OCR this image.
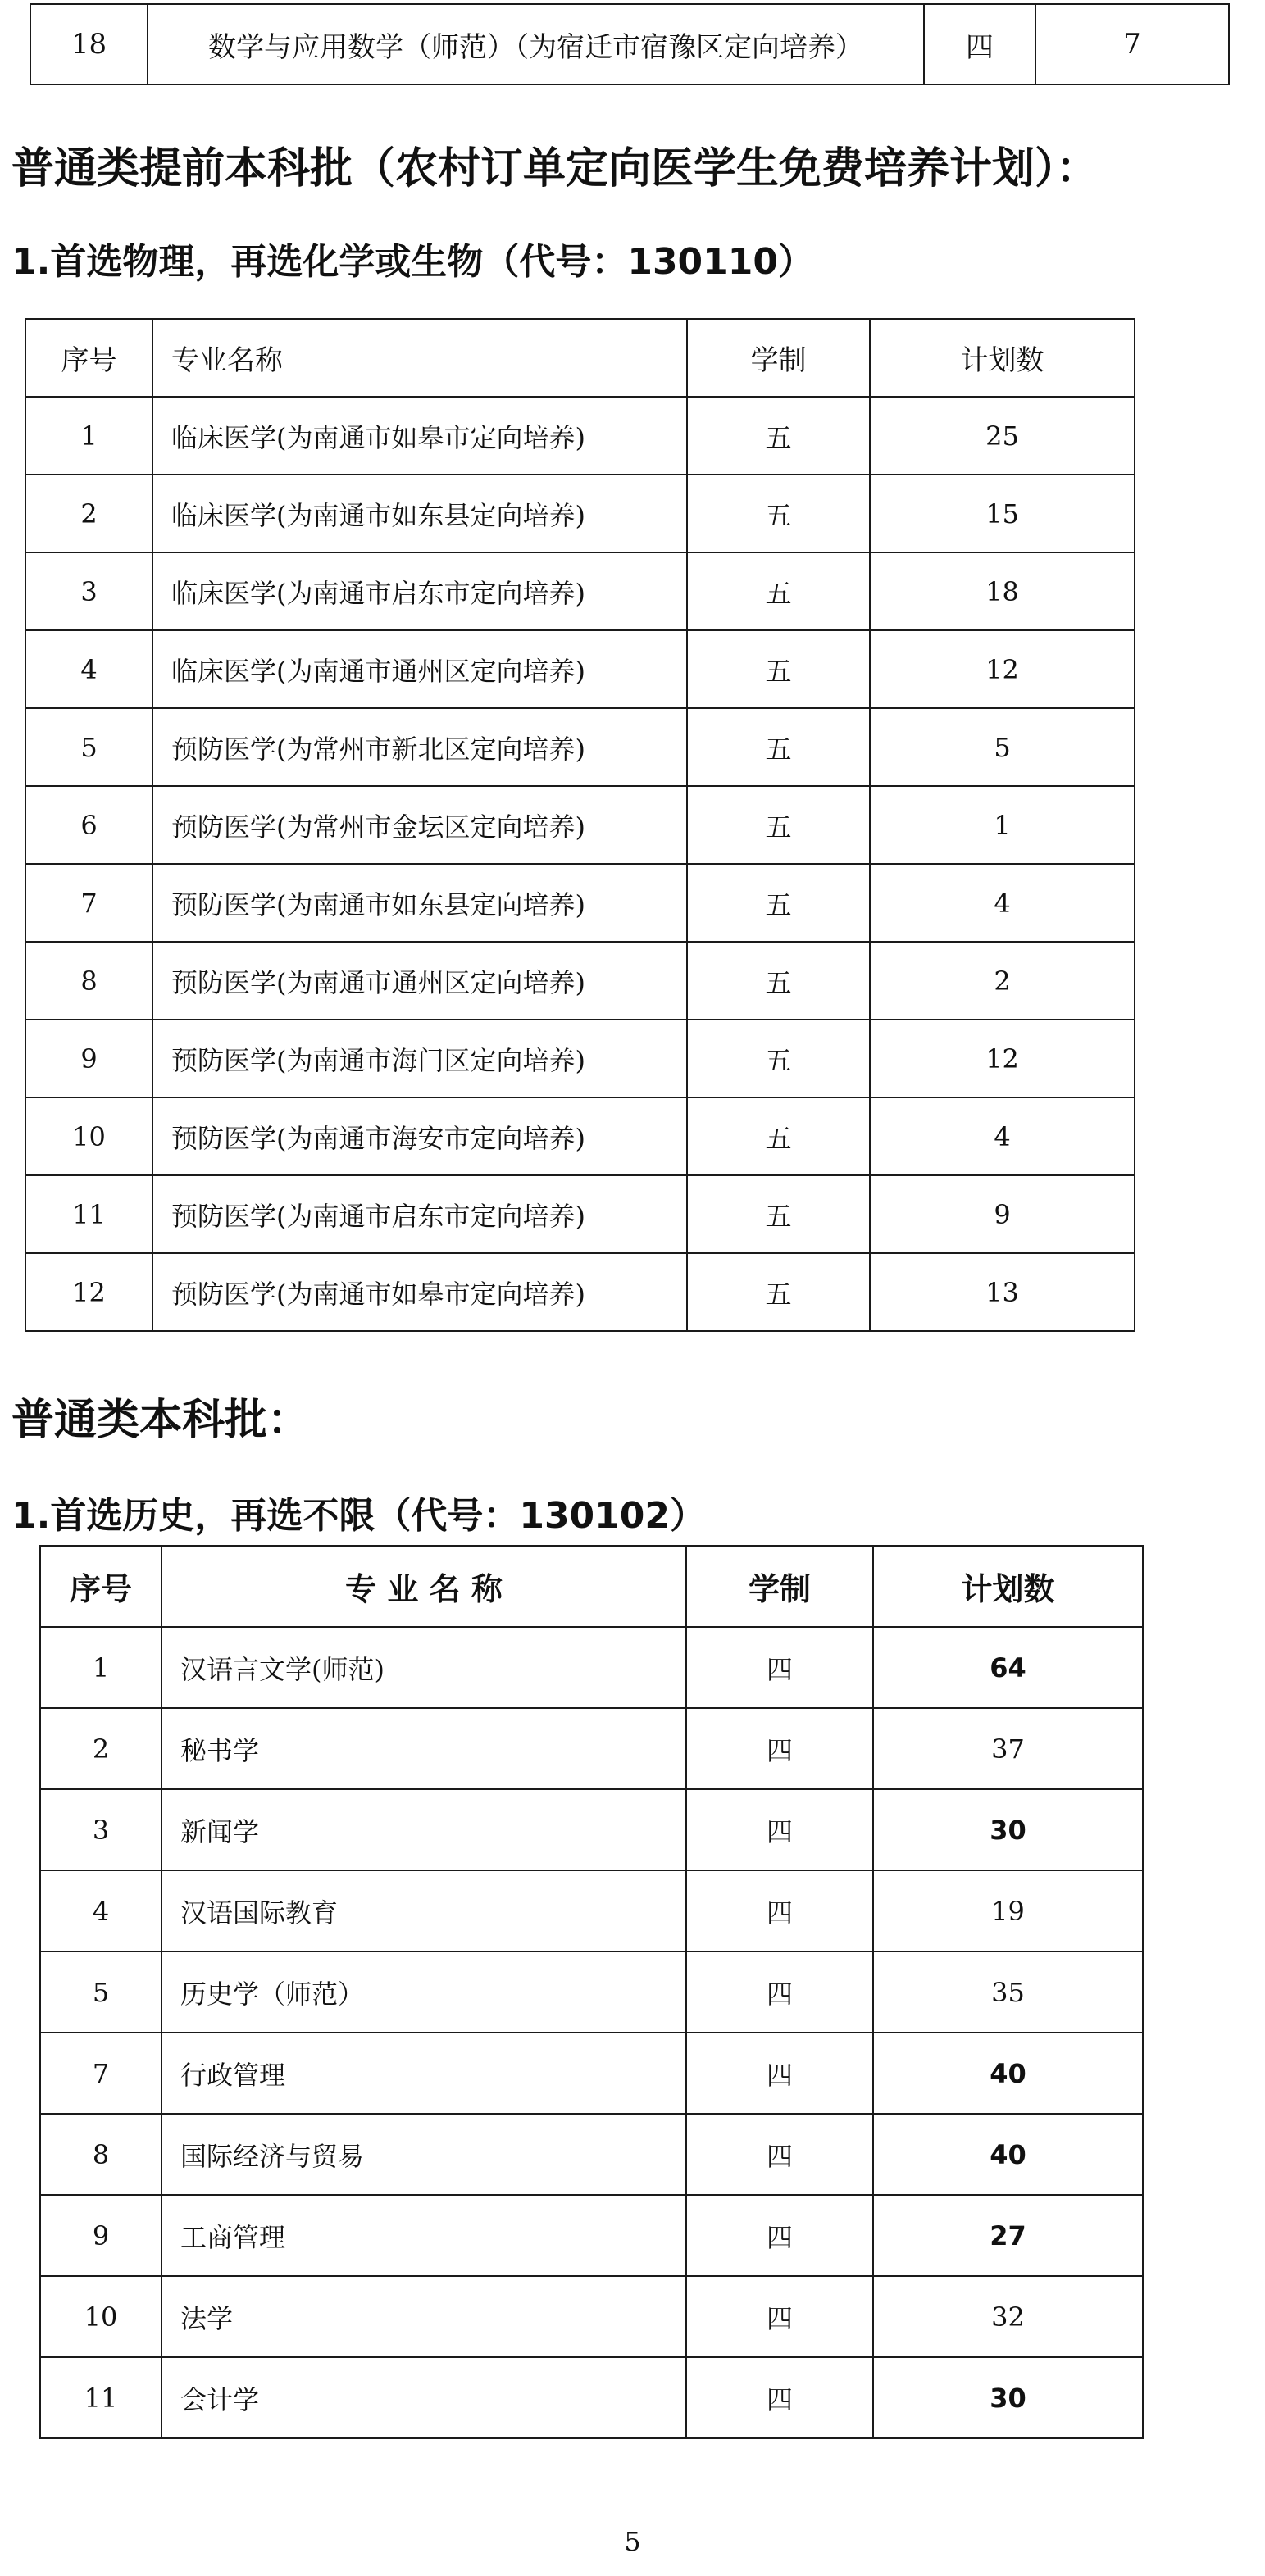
18	数学与应用数学（师范）（为宿迁市宿豫区定向培养）	四	7
普通类提前本科批（农村订单定向医学生免费培养计划）：
1.首选物理，再选化学或生物（代号：130110）
序号	专业名称	学制	计划数
1	临床医学(为南通市如皋市定向培养)	五	25
2	临床医学(为南通市如东县定向培养)	五	15
3	临床医学(为南通市启东市定向培养)	五	18
4	临床医学(为南通市通州区定向培养)	五	12
5	预防医学(为常州市新北区定向培养)	五	5
6	预防医学(为常州市金坛区定向培养)	五	1
7	预防医学(为南通市如东县定向培养)	五	4
8	预防医学(为南通市通州区定向培养)	五	2
9	预防医学(为南通市海门区定向培养)	五	12
10	预防医学(为南通市海安市定向培养)	五	4
11	预防医学(为南通市启东市定向培养)	五	9
12	预防医学(为南通市如皋市定向培养)	五	13
普通类本科批：
1.首选历史，再选不限（代号：130102）
序号	专 业 名 称	学制	计划数
1	汉语言文学(师范)	四	64
2	秘书学	四	37
3	新闻学	四	30
4	汉语国际教育	四	19
5	历史学（师范）	四	35
7	行政管理	四	40
8	国际经济与贸易	四	40
9	工商管理	四	27
10	法学	四	32
11	会计学	四	30
5
